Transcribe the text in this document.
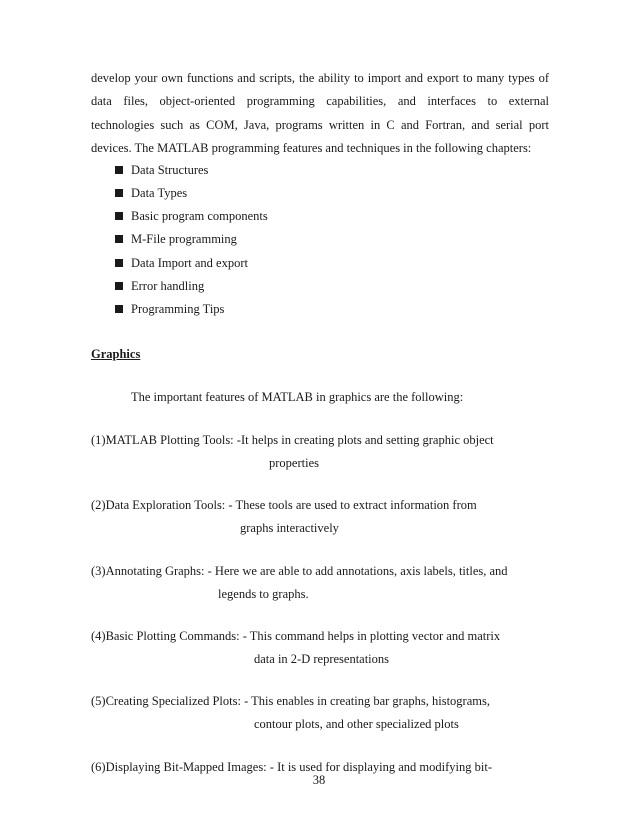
develop your own functions and scripts, the ability to import and export to many types of
data files, object-oriented programming capabilities, and interfaces to external
technologies such as COM, Java, programs written in C and Fortran, and serial port
devices. The MATLAB programming features and techniques in the following chapters:
Data Structures
Data Types
Basic program components
M-File programming
Data Import and export
Error handling
Programming Tips
Graphics
The important features of MATLAB in graphics are the following:
(1)MATLAB Plotting Tools: -It helps in creating plots and setting graphic object
properties
(2)Data Exploration Tools: - These tools are used to extract information from
graphs interactively
(3)Annotating Graphs: - Here we are able to add annotations, axis labels, titles, and
legends to graphs.
(4)Basic Plotting Commands: - This command helps in plotting vector and matrix
data in 2-D representations
(5)Creating Specialized Plots: - This enables in creating bar graphs, histograms,
contour plots, and other specialized plots
(6)Displaying Bit-Mapped Images: - It is used for displaying and modifying bit-
38
